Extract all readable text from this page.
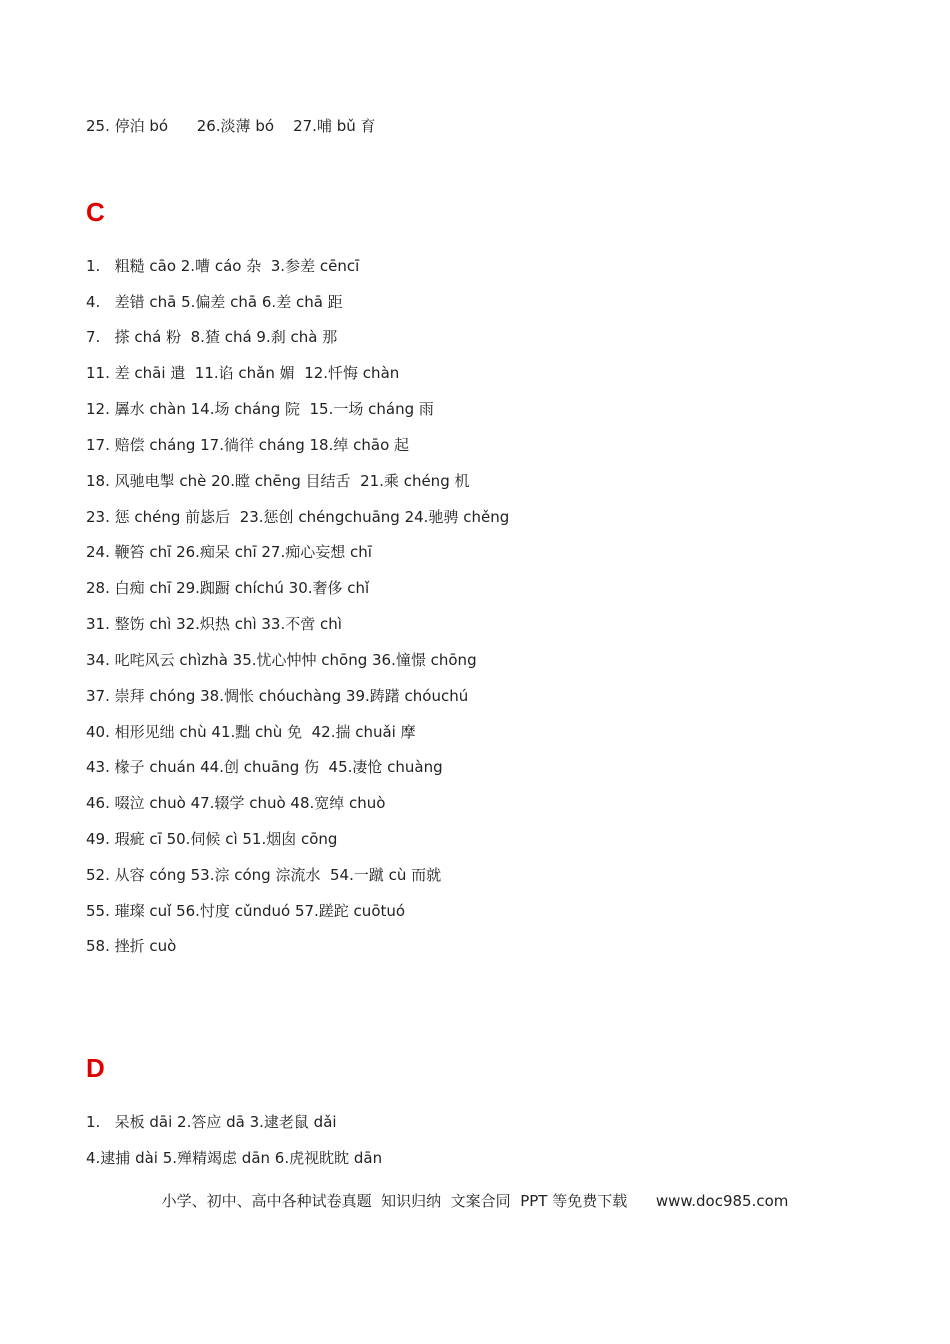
25. 停泊 bó      26.淡薄 bó    27.哺 bǔ 育
C
1.   粗糙 cāo 2.嘈 cáo 杂  3.参差 cēncī
4.   差错 chā 5.偏差 chā 6.差 chā 距
7.   搽 chá 粉  8.猹 chá 9.刹 chà 那
11. 差 chāi 遣  11.谄 chǎn 媚  12.忏悔 chàn
12. 羼水 chàn 14.场 cháng 院  15.一场 cháng 雨
17. 赔偿 cháng 17.徜徉 cháng 18.绰 chāo 起
18. 风驰电掣 chè 20.瞠 chēng 目结舌  21.乘 chéng 机
23. 惩 chéng 前毖后  23.惩创 chéngchuāng 24.驰骋 chěng
24. 鞭笞 chī 26.痴呆 chī 27.痴心妄想 chī
28. 白痴 chī 29.踟蹰 chíchú 30.奢侈 chǐ
31. 整饬 chì 32.炽热 chì 33.不啻 chì
34. 叱咤风云 chìzhà 35.忧心忡忡 chōng 36.憧憬 chōng
37. 崇拜 chóng 38.惆怅 chóuchàng 39.踌躇 chóuchú
40. 相形见绌 chù 41.黜 chù 免  42.揣 chuǎi 摩
43. 椽子 chuán 44.创 chuāng 伤  45.凄怆 chuàng
46. 啜泣 chuò 47.辍学 chuò 48.宽绰 chuò
49. 瑕疵 cī 50.伺候 cì 51.烟囱 cōng
52. 从容 cóng 53.淙 cóng 淙流水  54.一蹴 cù 而就
55. 璀璨 cuǐ 56.忖度 cǔnduó 57.蹉跎 cuōtuó
58. 挫折 cuò
D
1.   呆板 dāi 2.答应 dā 3.逮老鼠 dǎi
4.逮捕 dài 5.殚精竭虑 dān 6.虎视眈眈 dān
小学、初中、高中各种试卷真题  知识归纳  文案合同  PPT 等免费下载      www.doc985.com
